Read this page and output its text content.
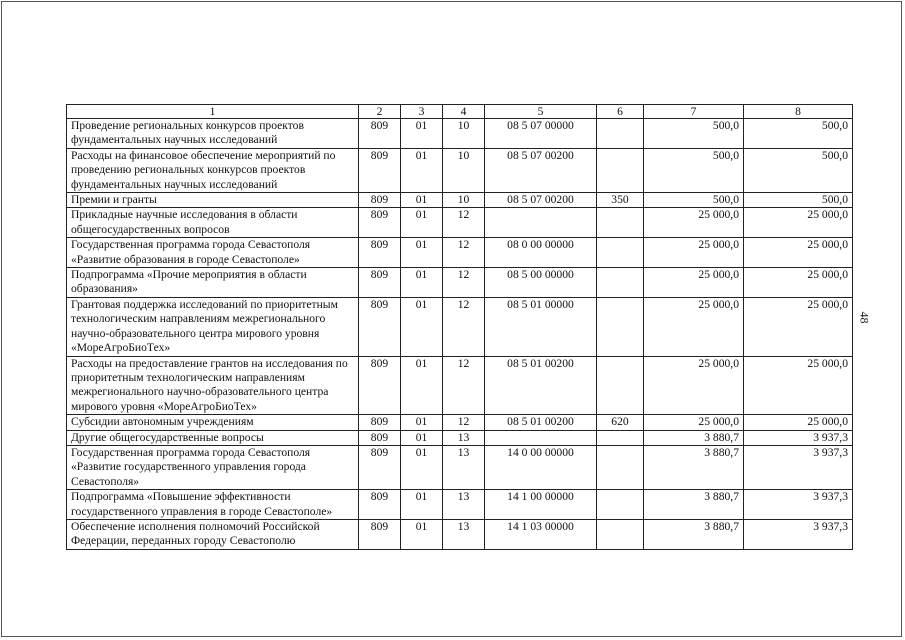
1	2	3	4	5	6	7	8
Проведение региональных конкурсов проектов фундаментальных научных исследований	809	01	10	08 5 07 00000		500,0	500,0
Расходы на финансовое обеспечение мероприятий по проведению региональных конкурсов проектов фундаментальных научных исследований	809	01	10	08 5 07 00200		500,0	500,0
Премии и гранты	809	01	10	08 5 07 00200	350	500,0	500,0
Прикладные научные исследования в области общегосударственных вопросов	809	01	12			25 000,0	25 000,0
Государственная программа города Севастополя «Развитие образования в городе Севастополе»	809	01	12	08 0 00 00000		25 000,0	25 000,0
Подпрограмма «Прочие мероприятия в области образования»	809	01	12	08 5 00 00000		25 000,0	25 000,0
Грантовая поддержка исследований по приоритетным технологическим направлениям межрегионального научно-образовательного центра мирового уровня «МореАгроБиоТех»	809	01	12	08 5 01 00000		25 000,0	25 000,0
Расходы на предоставление грантов на исследования по приоритетным технологическим направлениям межрегионального научно-образовательного центра мирового уровня «МореАгроБиоТех»	809	01	12	08 5 01 00200		25 000,0	25 000,0
Субсидии автономным учреждениям	809	01	12	08 5 01 00200	620	25 000,0	25 000,0
Другие общегосударственные вопросы	809	01	13			3 880,7	3 937,3
Государственная программа города Севастополя «Развитие государственного управления города Севастополя»	809	01	13	14 0 00 00000		3 880,7	3 937,3
Подпрограмма «Повышение эффективности государственного управления в городе Севастополе»	809	01	13	14 1 00 00000		3 880,7	3 937,3
Обеспечение исполнения полномочий Российской Федерации, переданных городу Севастополю	809	01	13	14 1 03 00000		3 880,7	3 937,3
48
